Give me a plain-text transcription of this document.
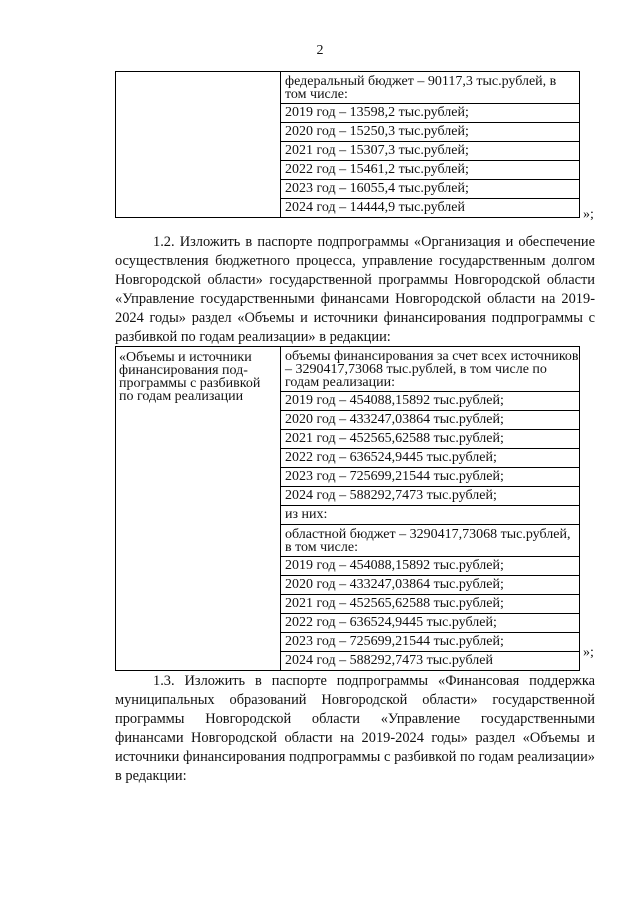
2

федеральный бюджет – 90117,3 тыс.рублей, в том числе:
2019 год – 13598,2 тыс.рублей;
2020 год – 15250,3 тыс.рублей;
2021 год – 15307,3 тыс.рублей;
2022 год – 15461,2 тыс.рублей;
2023 год – 16055,4 тыс.рублей;
2024 год – 14444,9 тыс.рублей	»;
1.2. Изложить в паспорте подпрограммы «Организация и обеспечение осуществления бюджетного процесса, управление государственным долгом Новгородской области» государственной программы Новгородской области «Управление государственными финансами Новгородской области на 2019-2024 годы» раздел «Объемы и источники финансирования подпрограммы с разбивкой по годам реализации» в редакции:
«Объемы и источники финансирования под-программы с разбивкой по годам реализации	
объемы финансирования за счет всех источников – 3290417,73068 тыс.рублей, в том числе по годам реализации:
2019 год – 454088,15892 тыс.рублей;
2020 год – 433247,03864 тыс.рублей;
2021 год – 452565,62588 тыс.рублей;
2022 год – 636524,9445 тыс.рублей;
2023 год – 725699,21544 тыс.рублей;
2024 год – 588292,7473 тыс.рублей;
из них:
областной бюджет – 3290417,73068 тыс.рублей, в том числе:
2019 год – 454088,15892 тыс.рублей;
2020 год – 433247,03864 тыс.рублей;
2021 год – 452565,62588 тыс.рублей;
2022 год – 636524,9445 тыс.рублей;
2023 год – 725699,21544 тыс.рублей;
2024 год – 588292,7473 тыс.рублей
»;
1.3. Изложить в паспорте подпрограммы «Финансовая поддержка муниципальных образований Новгородской области» государственной программы Новгородской области «Управление государственными финансами Новгородской области на 2019-2024 годы» раздел «Объемы и источники финансирования подпрограммы с разбивкой по годам реализации» в редакции:
